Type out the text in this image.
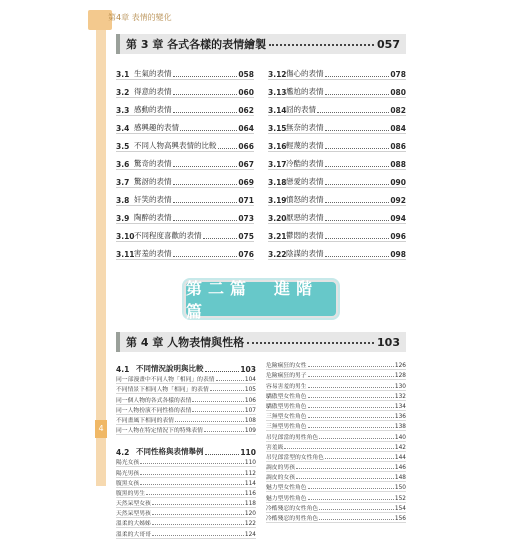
第4章 表情的變化
4
第 3 章 各式各樣的表情繪製	057
3.1 生氣的表情	058
3.2 得意的表情	060
3.3 感動的表情	062
3.4 感興趣的表情	064
3.5 不同人物高興表情的比較	066
3.6 驚奇的表情	067
3.7 驚訝的表情	069
3.8 奸笑的表情	071
3.9 陶醉的表情	073
3.10 不同程度喜歡的表情	075
3.11 害羞的表情	076
3.12 傷心的表情	078
3.13 尷尬的表情	080
3.14 囧的表情	082
3.15 無奈的表情	084
3.16 輕蔑的表情	086
3.17 冷酷的表情	088
3.18 戀愛的表情	090
3.19 憤怒的表情	092
3.20 厭惡的表情	094
3.21 鬱悶的表情	096
3.22 陰謀的表情	098
第二篇　進階篇
第 4 章 人物表情與性格	103
4.1 不同情況說明與比較	103
同一部漫畫中不同人物「相同」的表情	104
不同情景下相同人物「相同」的表情	105
同一個人物的各式各樣的表情	106
同一人物扮演不同性格的表情	107
不同畫風下相同的表情	108
同一人物在特定情況下的特殊表情	109
4.2 不同性格與表情舉例	110
陽光女孩	110
陽光男孩	112
腹黑女孩	114
腹黑的男生	116
天然呆型女孩	118
天然呆型男孩	120
溫柔的大姊姊	122
溫柔的大哥哥	124
危險瘋狂的女性	126
危險瘋狂的男子	128
容易害羞的男生	130
驕傲型女性角色	132
驕傲型男性角色	134
三無型女性角色	136
三無型男性角色	138
吊兒郎當的男性角色	140
害羞級	142
吊兒郎當型的女性角色	144
調皮的男孩	146
調皮的女孩	148
魅力型女性角色	150
魅力型男性角色	152
冷酷殘忍的女性角色	154
冷酷殘忍的男性角色	156
